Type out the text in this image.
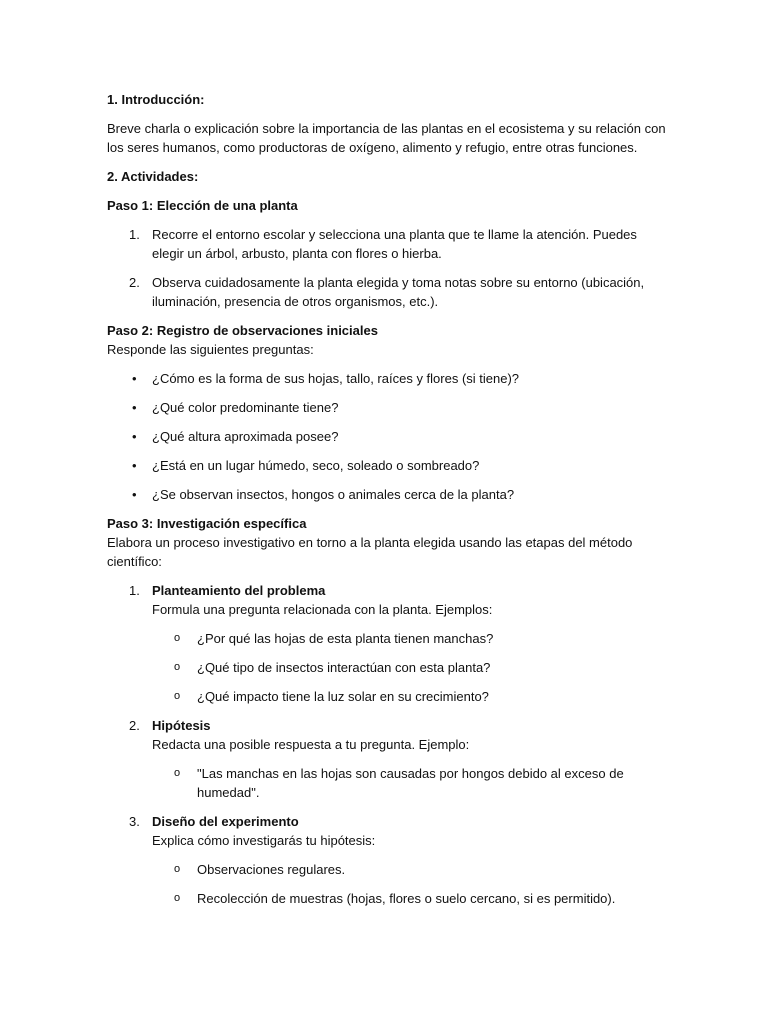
1. Introducción:

Breve charla o explicación sobre la importancia de las plantas en el ecosistema y su relación con los seres humanos, como productoras de oxígeno, alimento y refugio, entre otras funciones.

2. Actividades:

Paso 1: Elección de una planta

1. Recorre el entorno escolar y selecciona una planta que te llame la atención. Puedes elegir un árbol, arbusto, planta con flores o hierba.
2. Observa cuidadosamente la planta elegida y toma notas sobre su entorno (ubicación, iluminación, presencia de otros organismos, etc.).

Paso 2: Registro de observaciones iniciales

Responde las siguientes preguntas:

• ¿Cómo es la forma de sus hojas, tallo, raíces y flores (si tiene)?
• ¿Qué color predominante tiene?
• ¿Qué altura aproximada posee?
• ¿Está en un lugar húmedo, seco, soleado o sombreado?
• ¿Se observan insectos, hongos o animales cerca de la planta?

Paso 3: Investigación específica

Elabora un proceso investigativo en torno a la planta elegida usando las etapas del método científico:

1. Planteamiento del problema

Formula una pregunta relacionada con la planta. Ejemplos:

o ¿Por qué las hojas de esta planta tienen manchas?
o ¿Qué tipo de insectos interactúan con esta planta?
o ¿Qué impacto tiene la luz solar en su crecimiento?
2. Hipótesis

Redacta una posible respuesta a tu pregunta. Ejemplo:

o "Las manchas en las hojas son causadas por hongos debido al exceso de humedad".
3. Diseño del experimento

Explica cómo investigarás tu hipótesis:

o Observaciones regulares.
o Recolección de muestras (hojas, flores o suelo cercano, si es permitido).
